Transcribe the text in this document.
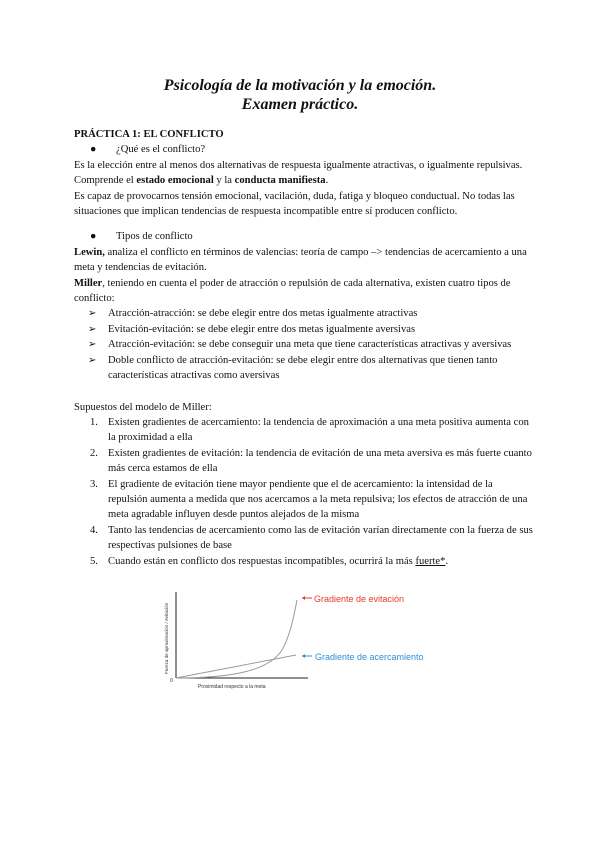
Psicología de la motivación y la emoción.
Examen práctico.

PRÁCTICA 1: EL CONFLICTO

● ¿Qué es el conflicto?

Es la elección entre al menos dos alternativas de respuesta igualmente atractivas, o igualmente repulsivas. Comprende el estado emocional y la conducta manifiesta.

Es capaz de provocarnos tensión emocional, vacilación, duda, fatiga y bloqueo conductual. No todas las situaciones que implican tendencias de respuesta incompatible entre sí producen conflicto.

● Tipos de conflicto

Lewin, analiza el conflicto en términos de valencias: teoría de campo –> tendencias de acercamiento a una meta y tendencias de evitación.

Miller, teniendo en cuenta el poder de atracción o repulsión de cada alternativa, existen cuatro tipos de conflicto:

➢ Atracción-atracción: se debe elegir entre dos metas igualmente atractivas

➢ Evitación-evitación: se debe elegir entre dos metas igualmente aversivas

➢ Atracción-evitación: se debe conseguir una meta que tiene características atractivas y aversivas

➢ Doble conflicto de atracción-evitación: se debe elegir entre dos alternativas que tienen tanto características atractivas como aversivas

Supuestos del modelo de Miller:

1. Existen gradientes de acercamiento: la tendencia de aproximación a una meta positiva aumenta con la proximidad a ella

2. Existen gradientes de evitación: la tendencia de evitación de una meta aversiva es más fuerte cuanto más cerca estamos de ella

3. El gradiente de evitación tiene mayor pendiente que el de acercamiento: la intensidad de la repulsión aumenta a medida que nos acercamos a la meta repulsiva; los efectos de atracción de una meta agradable influyen desde puntos alejados de la misma

4. Tanto las tendencias de acercamiento como las de evitación varían directamente con la fuerza de sus respectivas pulsiones de base

5. Cuando están en conflicto dos respuestas incompatibles, ocurrirá la más fuerte*.

0
Fuerza de aproximación / evitación
Proximidad respecto a la meta
Gradiente de evitación
Gradiente de acercamiento
